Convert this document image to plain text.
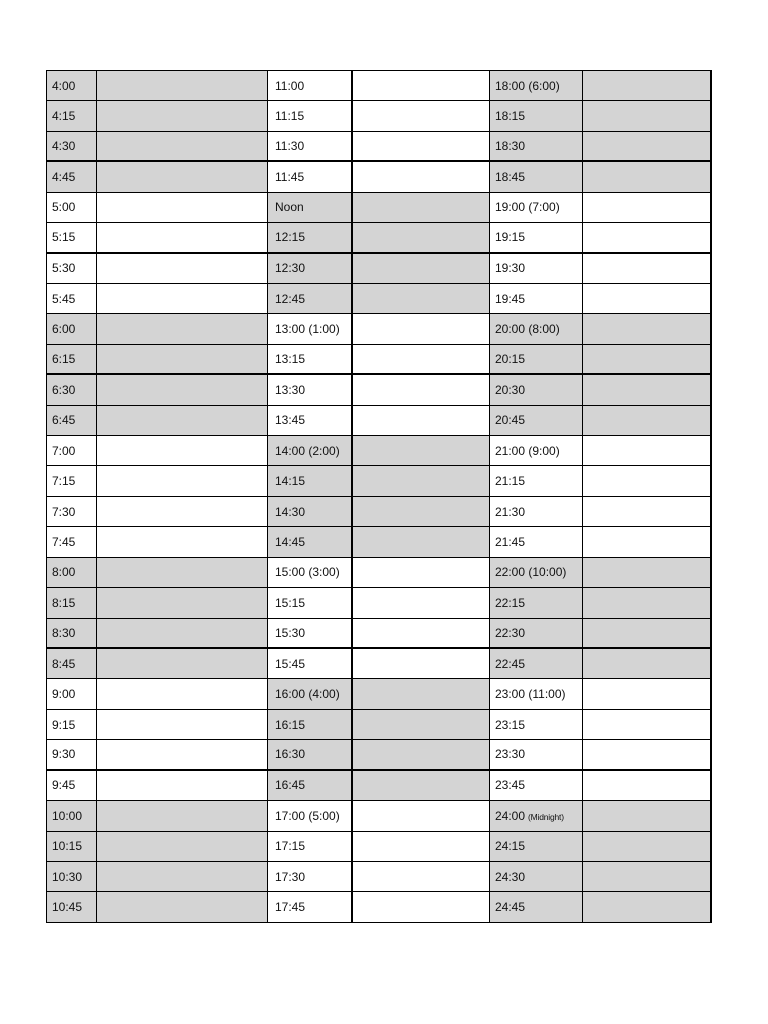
4:00	11:00	18:00 (6:00)
4:15	11:15	18:15
4:30	11:30	18:30
4:45	11:45	18:45
5:00	Noon	19:00 (7:00)
5:15	12:15	19:15
5:30	12:30	19:30
5:45	12:45	19:45
6:00	13:00 (1:00)	20:00 (8:00)
6:15	13:15	20:15
6:30	13:30	20:30
6:45	13:45	20:45
7:00	14:00 (2:00)	21:00 (9:00)
7:15	14:15	21:15
7:30	14:30	21:30
7:45	14:45	21:45
8:00	15:00 (3:00)	22:00 (10:00)
8:15	15:15	22:15
8:30	15:30	22:30
8:45	15:45	22:45
9:00	16:00 (4:00)	23:00 (11:00)
9:15	16:15	23:15
9:30	16:30	23:30
9:45	16:45	23:45
10:00	17:00 (5:00)	24:00 (Midnight)
10:15	17:15	24:15
10:30	17:30	24:30
10:45	17:45	24:45
